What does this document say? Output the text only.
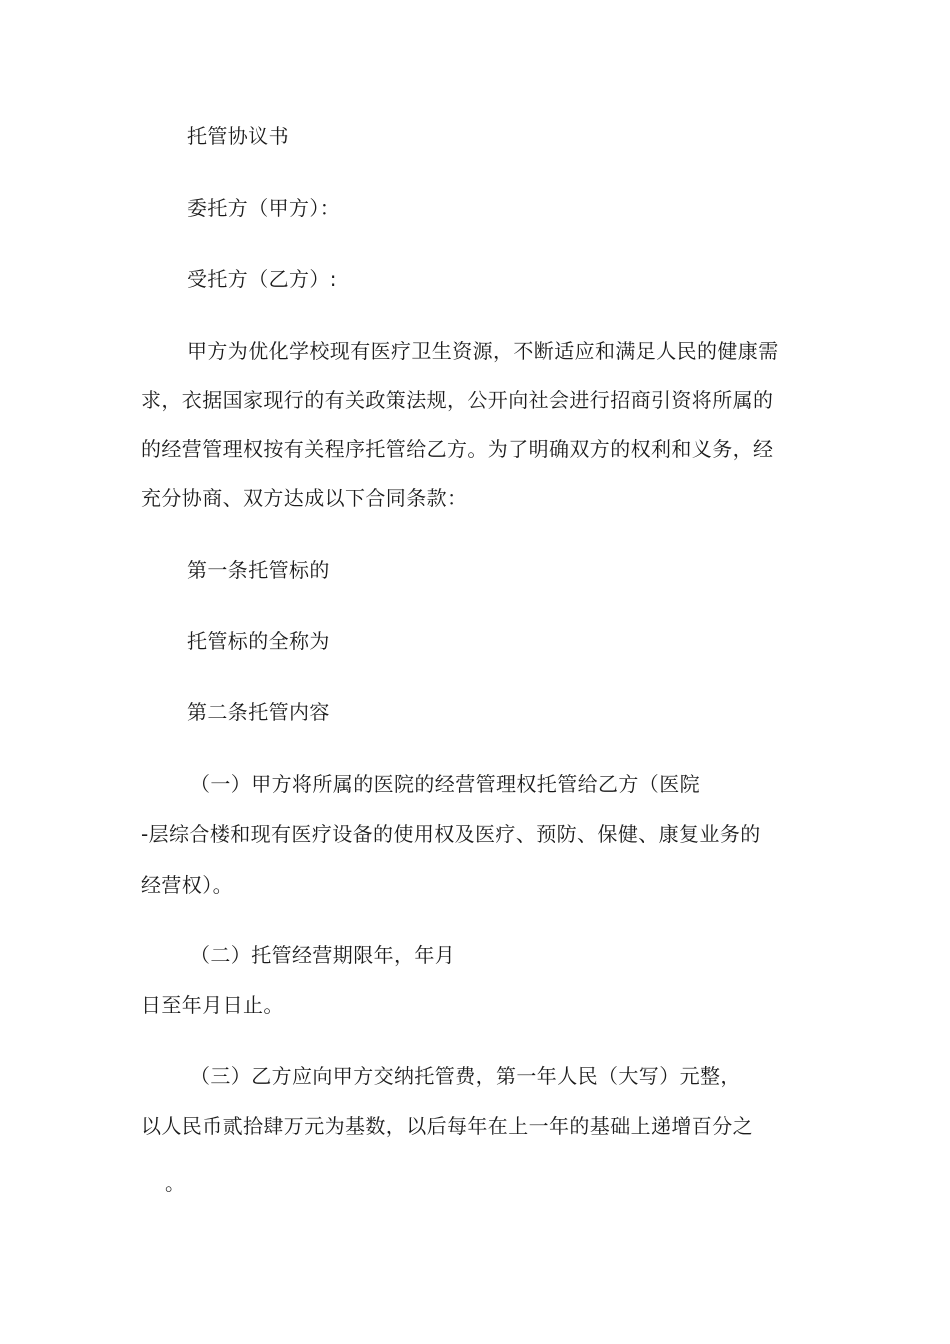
托管协议书
委托方（甲方）：
受托方（乙方）:
甲方为优化学校现有医疗卫生资源，不断适应和满足人民的健康需
求，衣据国家现行的有关政策法规，公开向社会进行招商引资将所属的
的经营管理权按有关程序托管给乙方。为了明确双方的权利和义务，经
充分协商、双方达成以下合同条款：
第一条托管标的
托管标的全称为
第二条托管内容
（一）甲方将所属的医院的经营管理权托管给乙方（医院
-层综合楼和现有医疗设备的使用权及医疗、预防、保健、康复业务的
经营权）。
（二）托管经营期限年，年月
日至年月日止。
（三）乙方应向甲方交纳托管费，第一年人民（大写）元整，
以人民币贰拾肆万元为基数，以后每年在上一年的基础上递增百分之
。
